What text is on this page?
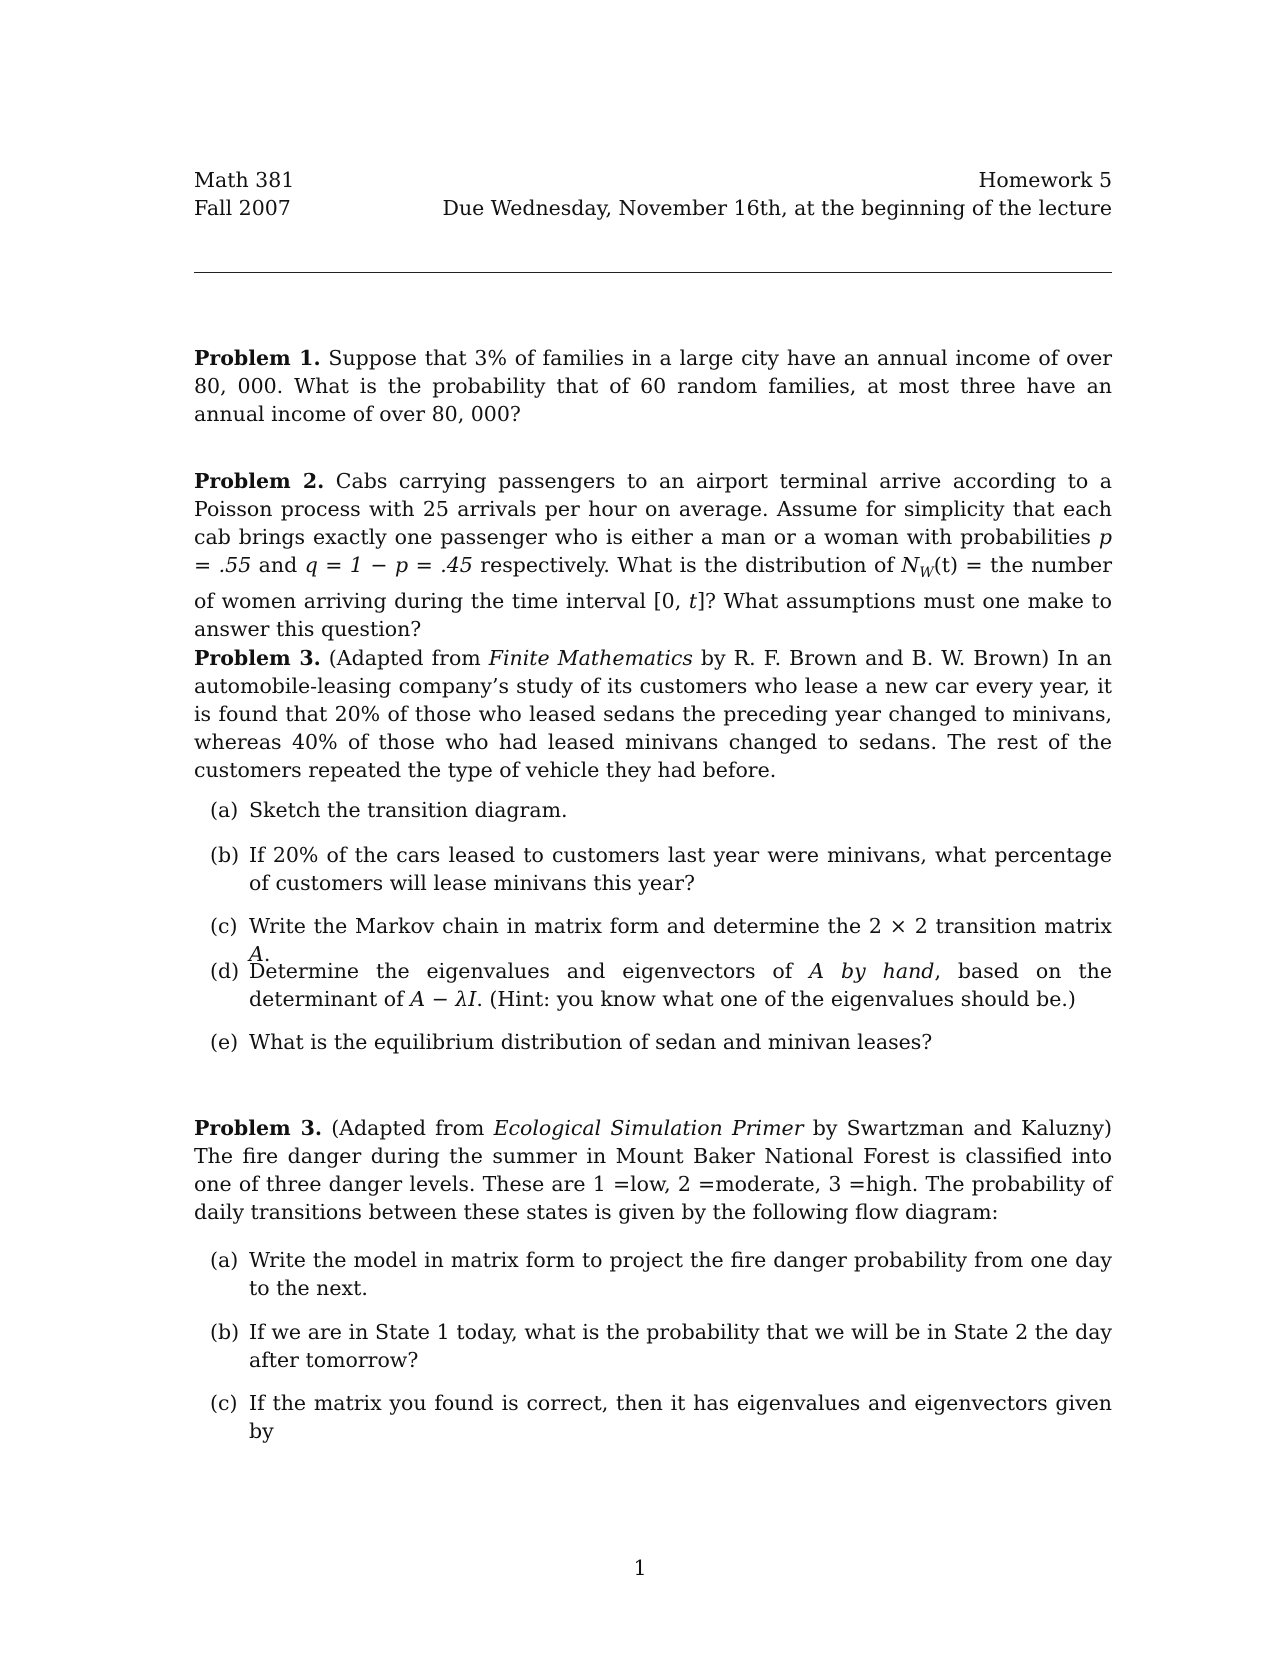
Math 381
Fall 2007
Homework 5
Due Wednesday, November 16th, at the beginning of the lecture

Problem 1. Suppose that 3% of families in a large city have an annual income of over 80, 000. What is the probability that of 60 random families, at most three have an annual income of over 80, 000?

Problem 2. Cabs carrying passengers to an airport terminal arrive according to a Poisson process with 25 arrivals per hour on average. Assume for simplicity that each cab brings exactly one passenger who is either a man or a woman with probabilities p = .55 and q = 1 − p = .45 respectively. What is the distribution of $N_W(t)$ = the number of women arriving during the time interval [0, t]? What assumptions must one make to answer this question?

Problem 3. (Adapted from Finite Mathematics by R. F. Brown and B. W. Brown) In an automobile-leasing company’s study of its customers who lease a new car every year, it is found that 20% of those who leased sedans the preceding year changed to minivans, whereas 40% of those who had leased minivans changed to sedans. The rest of the customers repeated the type of vehicle they had before.

(a) Sketch the transition diagram.
(b) If 20% of the cars leased to customers last year were minivans, what percentage of customers will lease minivans this year?
(c) Write the Markov chain in matrix form and determine the 2 × 2 transition matrix A.
(d) Determine the eigenvalues and eigenvectors of A by hand, based on the determinant of A − λI. (Hint: you know what one of the eigenvalues should be.)
(e) What is the equilibrium distribution of sedan and minivan leases?

Problem 3. (Adapted from Ecological Simulation Primer by Swartzman and Kaluzny) The fire danger during the summer in Mount Baker National Forest is classified into one of three danger levels. These are 1 =low, 2 =moderate, 3 =high. The probability of daily transitions between these states is given by the following flow diagram:

(a) Write the model in matrix form to project the fire danger probability from one day to the next.
(b) If we are in State 1 today, what is the probability that we will be in State 2 the day after tomorrow?
(c) If the matrix you found is correct, then it has eigenvalues and eigenvectors given by
1
